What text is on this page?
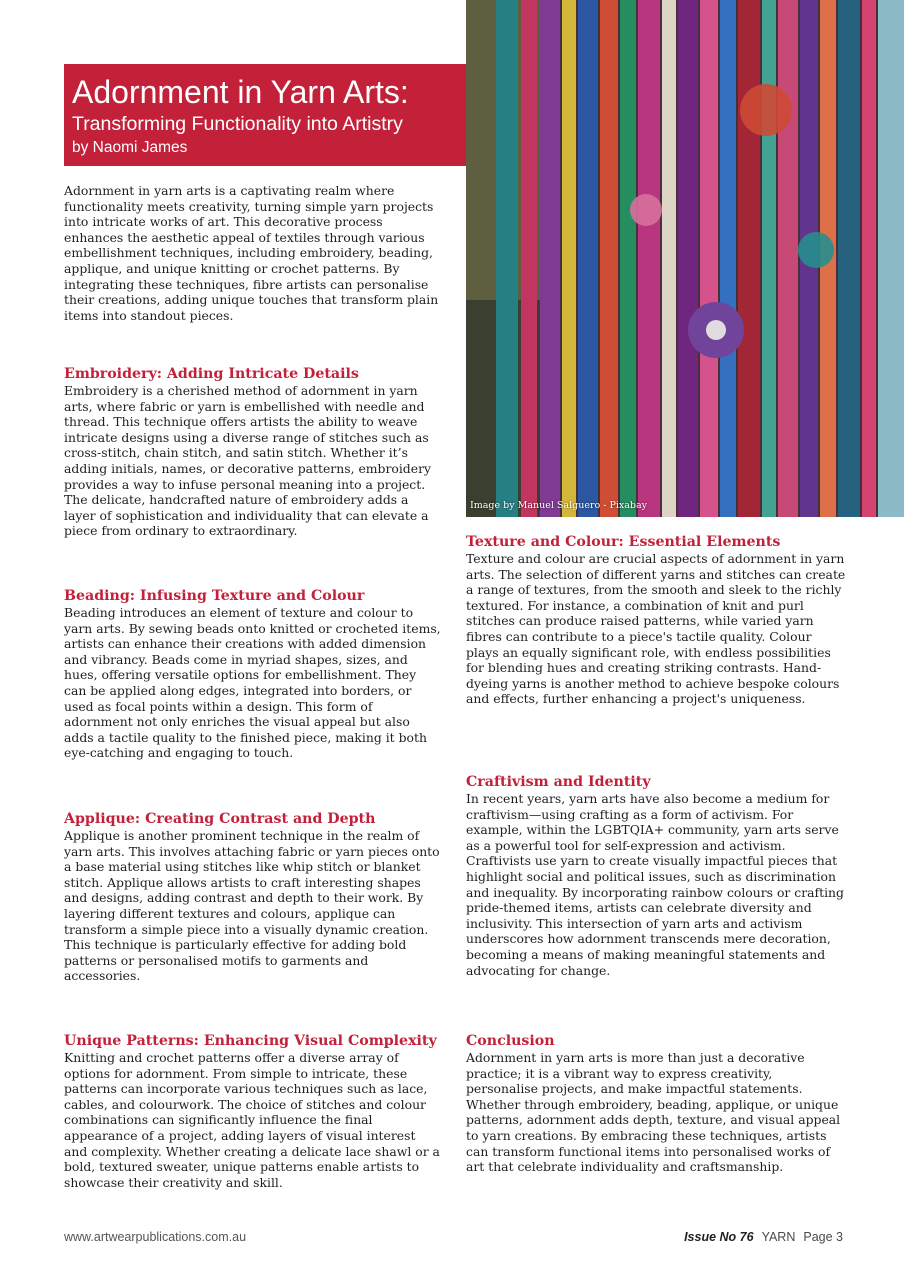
Adornment in Yarn Arts:
Transforming Functionality into Artistry
by Naomi James
Image by Manuel Salguero - Pixabay

Adornment in yarn arts is a captivating realm where functionality meets creativity, turning simple yarn projects into intricate works of art. This decorative process enhances the aesthetic appeal of textiles through various embellishment techniques, including embroidery, beading, applique, and unique knitting or crochet patterns. By integrating these techniques, fibre artists can personalise their creations, adding unique touches that transform plain items into standout pieces.

Embroidery: Adding Intricate Details

Embroidery is a cherished method of adornment in yarn arts, where fabric or yarn is embellished with needle and thread. This technique offers artists the ability to weave intricate designs using a diverse range of stitches such as cross-stitch, chain stitch, and satin stitch. Whether it’s adding initials, names, or decorative patterns, embroidery provides a way to infuse personal meaning into a project. The delicate, handcrafted nature of embroidery adds a layer of sophistication and individuality that can elevate a piece from ordinary to extraordinary.

Beading: Infusing Texture and Colour

Beading introduces an element of texture and colour to yarn arts. By sewing beads onto knitted or crocheted items, artists can enhance their creations with added dimension and vibrancy. Beads come in myriad shapes, sizes, and hues, offering versatile options for embellishment. They can be applied along edges, integrated into borders, or used as focal points within a design. This form of adornment not only enriches the visual appeal but also adds a tactile quality to the finished piece, making it both eye-catching and engaging to touch.

Applique: Creating Contrast and Depth

Applique is another prominent technique in the realm of yarn arts. This involves attaching fabric or yarn pieces onto a base material using stitches like whip stitch or blanket stitch. Applique allows artists to craft interesting shapes and designs, adding contrast and depth to their work. By layering different textures and colours, applique can transform a simple piece into a visually dynamic creation. This technique is particularly effective for adding bold patterns or personalised motifs to garments and accessories.

Unique Patterns: Enhancing Visual Complexity

Knitting and crochet patterns offer a diverse array of options for adornment. From simple to intricate, these patterns can incorporate various techniques such as lace, cables, and colourwork. The choice of stitches and colour combinations can significantly influence the final appearance of a project, adding layers of visual interest and complexity. Whether creating a delicate lace shawl or a bold, textured sweater, unique patterns enable artists to showcase their creativity and skill.

Texture and Colour: Essential Elements

Texture and colour are crucial aspects of adornment in yarn arts. The selection of different yarns and stitches can create a range of textures, from the smooth and sleek to the richly textured. For instance, a combination of knit and purl stitches can produce raised patterns, while varied yarn fibres can contribute to a piece's tactile quality. Colour plays an equally significant role, with endless possibilities for blending hues and creating striking contrasts. Hand-dyeing yarns is another method to achieve bespoke colours and effects, further enhancing a project's uniqueness.

Craftivism and Identity

In recent years, yarn arts have also become a medium for craftivism—using crafting as a form of activism. For example, within the LGBTQIA+ community, yarn arts serve as a powerful tool for self-expression and activism. Craftivists use yarn to create visually impactful pieces that highlight social and political issues, such as discrimination and inequality. By incorporating rainbow colours or crafting pride-themed items, artists can celebrate diversity and inclusivity. This intersection of yarn arts and activism underscores how adornment transcends mere decoration, becoming a means of making meaningful statements and advocating for change.

Conclusion

Adornment in yarn arts is more than just a decorative practice; it is a vibrant way to express creativity, personalise projects, and make impactful statements. Whether through embroidery, beading, applique, or unique patterns, adornment adds depth, texture, and visual appeal to yarn creations. By embracing these techniques, artists can transform functional items into personalised works of art that celebrate individuality and craftsmanship.

www.artwearpublications.com.au	Issue No 76 YARN Page 3
